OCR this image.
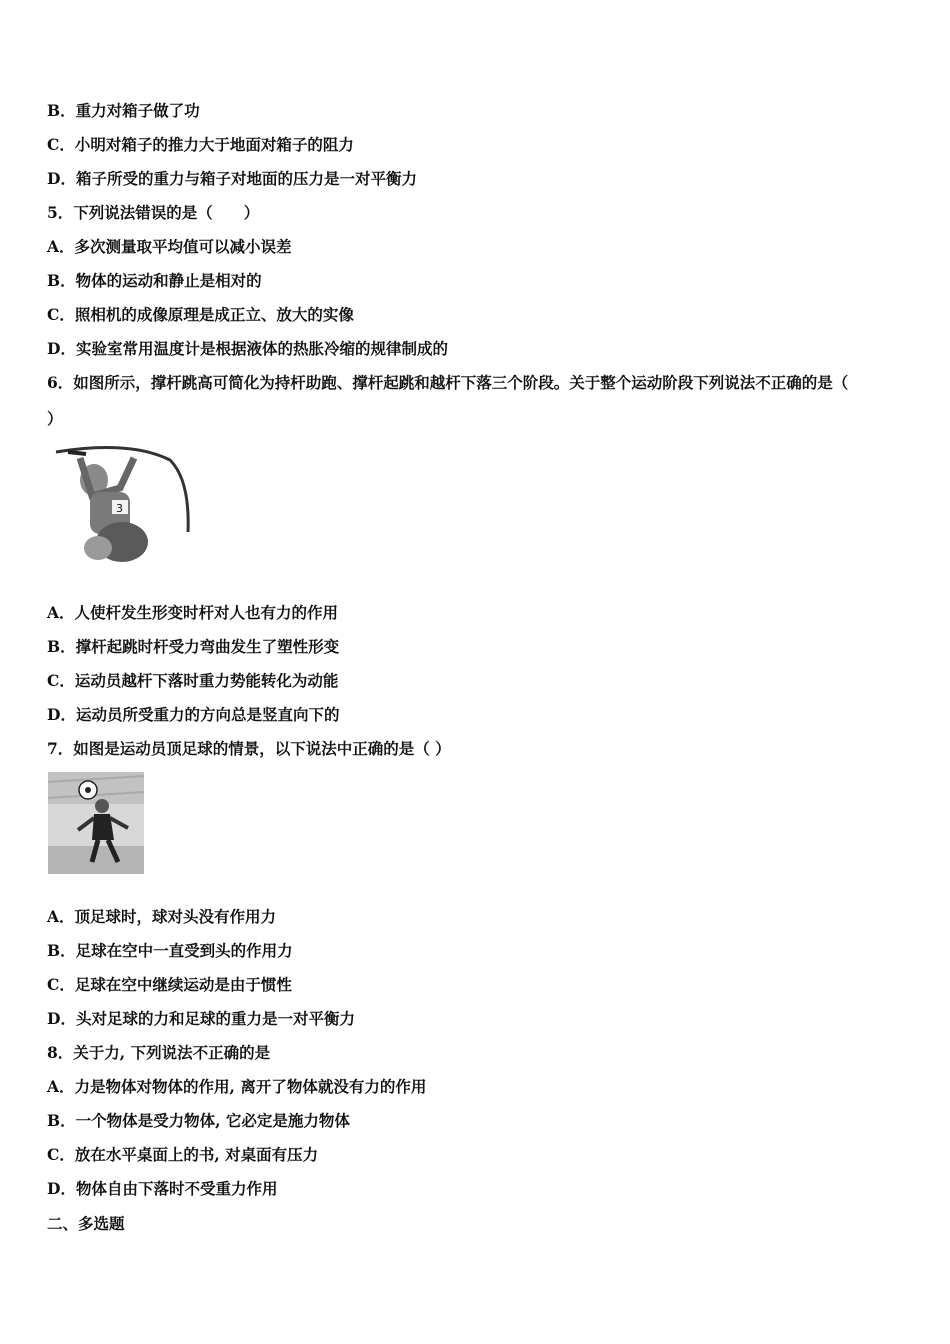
B．重力对箱子做了功
C．小明对箱子的推力大于地面对箱子的阻力
D．箱子所受的重力与箱子对地面的压力是一对平衡力
5．下列说法错误的是（　　）
A．多次测量取平均值可以减小误差
B．物体的运动和静止是相对的
C．照相机的成像原理是成正立、放大的实像
D．实验室常用温度计是根据液体的热胀冷缩的规律制成的
6．如图所示，撑杆跳高可简化为持杆助跑、撑杆起跳和越杆下落三个阶段。关于整个运动阶段下列说法不正确的是（
）
3
A．人使杆发生形变时杆对人也有力的作用
B．撑杆起跳时杆受力弯曲发生了塑性形变
C．运动员越杆下落时重力势能转化为动能
D．运动员所受重力的方向总是竖直向下的
7．如图是运动员顶足球的情景，以下说法中正确的是（ ）
A．顶足球时，球对头没有作用力
B．足球在空中一直受到头的作用力
C．足球在空中继续运动是由于惯性
D．头对足球的力和足球的重力是一对平衡力
8．关于力, 下列说法不正确的是
A．力是物体对物体的作用, 离开了物体就没有力的作用
B．一个物体是受力物体, 它必定是施力物体
C．放在水平桌面上的书, 对桌面有压力
D．物体自由下落时不受重力作用
二、多选题
